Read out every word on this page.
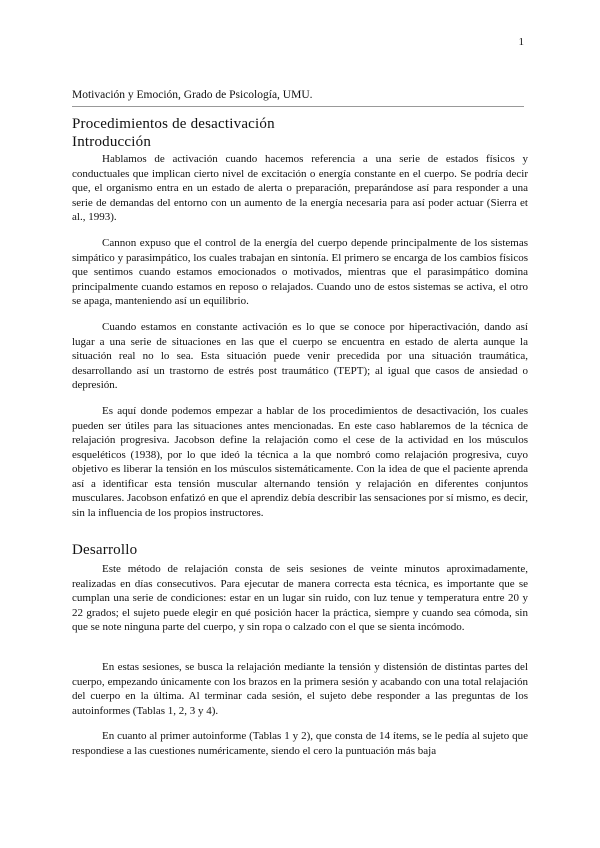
1
Motivación y Emoción, Grado de Psicología, UMU.
Procedimientos de desactivación
Introducción

Hablamos de activación cuando hacemos referencia a una serie de estados físicos y conductuales que implican cierto nivel de excitación o energía constante en el cuerpo. Se podría decir que, el organismo entra en un estado de alerta o preparación, preparándose así para responder a una serie de demandas del entorno con un aumento de la energía necesaria para así poder actuar (Sierra et al., 1993).

Cannon expuso que el control de la energía del cuerpo depende principalmente de los sistemas simpático y parasimpático, los cuales trabajan en sintonía. El primero se encarga de los cambios físicos que sentimos cuando estamos emocionados o motivados, mientras que el parasimpático domina principalmente cuando estamos en reposo o relajados. Cuando uno de estos sistemas se activa, el otro se apaga, manteniendo así un equilibrio.

Cuando estamos en constante activación es lo que se conoce por hiperactivación, dando así lugar a una serie de situaciones en las que el cuerpo se encuentra en estado de alerta aunque la situación real no lo sea. Esta situación puede venir precedida por una situación traumática, desarrollando así un trastorno de estrés post traumático (TEPT); al igual que casos de ansiedad o depresión.

Es aquí donde podemos empezar a hablar de los procedimientos de desactivación, los cuales pueden ser útiles para las situaciones antes mencionadas. En este caso hablaremos de la técnica de relajación progresiva. Jacobson define la relajación como el cese de la actividad en los músculos esqueléticos (1938), por lo que ideó la técnica a la que nombró como relajación progresiva, cuyo objetivo es liberar la tensión en los músculos sistemáticamente. Con la idea de que el paciente aprenda así a identificar esta tensión muscular alternando tensión y relajación en diferentes conjuntos musculares. Jacobson enfatizó en que el aprendiz debía describir las sensaciones por sí mismo, es decir, sin la influencia de los propios instructores.

Desarrollo

Este método de relajación consta de seis sesiones de veinte minutos aproximadamente, realizadas en días consecutivos. Para ejecutar de manera correcta esta técnica, es importante que se cumplan una serie de condiciones: estar en un lugar sin ruido, con luz tenue y temperatura entre 20 y 22 grados; el sujeto puede elegir en qué posición hacer la práctica, siempre y cuando sea cómoda, sin que se note ninguna parte del cuerpo, y sin ropa o calzado con el que se sienta incómodo.

En estas sesiones, se busca la relajación mediante la tensión y distensión de distintas partes del cuerpo, empezando únicamente con los brazos en la primera sesión y acabando con una total relajación del cuerpo en la última. Al terminar cada sesión, el sujeto debe responder a las preguntas de los autoinformes (Tablas 1, 2, 3 y 4).

En cuanto al primer autoinforme (Tablas 1 y 2), que consta de 14 ítems, se le pedía al sujeto que respondiese a las cuestiones numéricamente, siendo el cero la puntuación más baja
